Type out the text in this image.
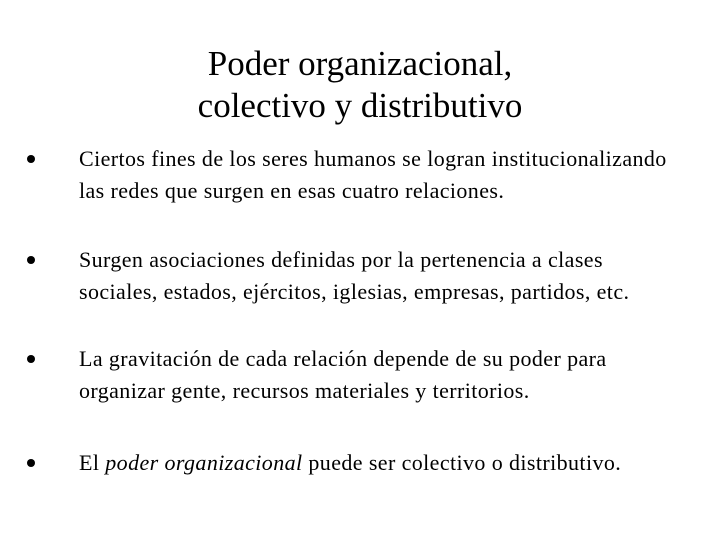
Poder organizacional,
colectivo y distributivo
Ciertos fines de los seres humanos se logran institucionalizando las redes que surgen en esas cuatro relaciones.
Surgen asociaciones definidas por la pertenencia a clases sociales, estados, ejércitos, iglesias, empresas, partidos, etc.
La gravitación de cada relación depende de su poder para organizar gente, recursos materiales y territorios.
El poder organizacional puede ser colectivo o distributivo.
